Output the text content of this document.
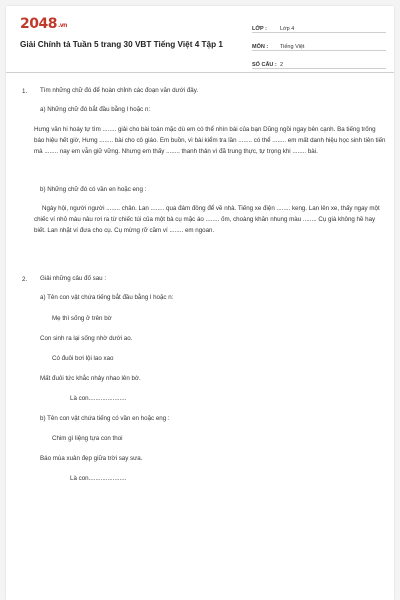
2048.vn
Giải Chính tả Tuần 5 trang 30 VBT Tiếng Việt 4 Tập 1
LỚP :	Lớp 4
MÔN :	Tiếng Việt
SỐ CÂU : 2
1. Tìm những chữ đó để hoàn chỉnh các đoạn văn dưới đây.
a) Những chữ đó bắt đầu bằng l hoặc n:
Hưng văn hi hoáy tự tìm ........ giải cho bài toán mặc dù em có thể nhìn bài của bạn Dũng ngồi ngay bên cạnh. Ba tiếng trống báo hiệu hết giờ, Hưng ........ bài cho cô giáo. Em buồn, vì bài kiểm tra lần ........ có thể ........ em mất danh hiệu học sinh tiên tiến mà ........ nay em vẫn giữ vững. Nhưng em thấy ........ thanh thản vì đã trung thực, tự trọng khi ........ bài.
b) Những chữ đó có vần en hoặc eng :
Ngày hội, người người ........ chân. Lan ........ qua đám đông để về nhà. Tiếng xe điện ........ keng. Lan lên xe, thấy ngay một chiếc ví nhỏ màu nâu rơi ra từ chiếc túi của một bà cụ mặc áo ........ ốm, choàng khăn nhung màu ........ Cụ già không hề hay biết. Lan nhặt ví đưa cho cụ. Cụ mừng rỡ cầm ví ........ em ngoan.
2. Giải những câu đố sau :
a) Tên con vật chứa tiếng bắt đầu bằng l hoặc n:
Mẹ thì sống ở trên bờ
Con sinh ra lại sống nhờ dưới ao.
Có đuôi bơi lội lao xao
Mất đuôi tức khắc nhảy nhao lên bờ.
Là con......................
b) Tên con vật chứa tiếng có vần en hoặc eng :
Chim gì liệng tựa con thoi
Báo mùa xuân đẹp giữa trời say sưa.
Là con......................
